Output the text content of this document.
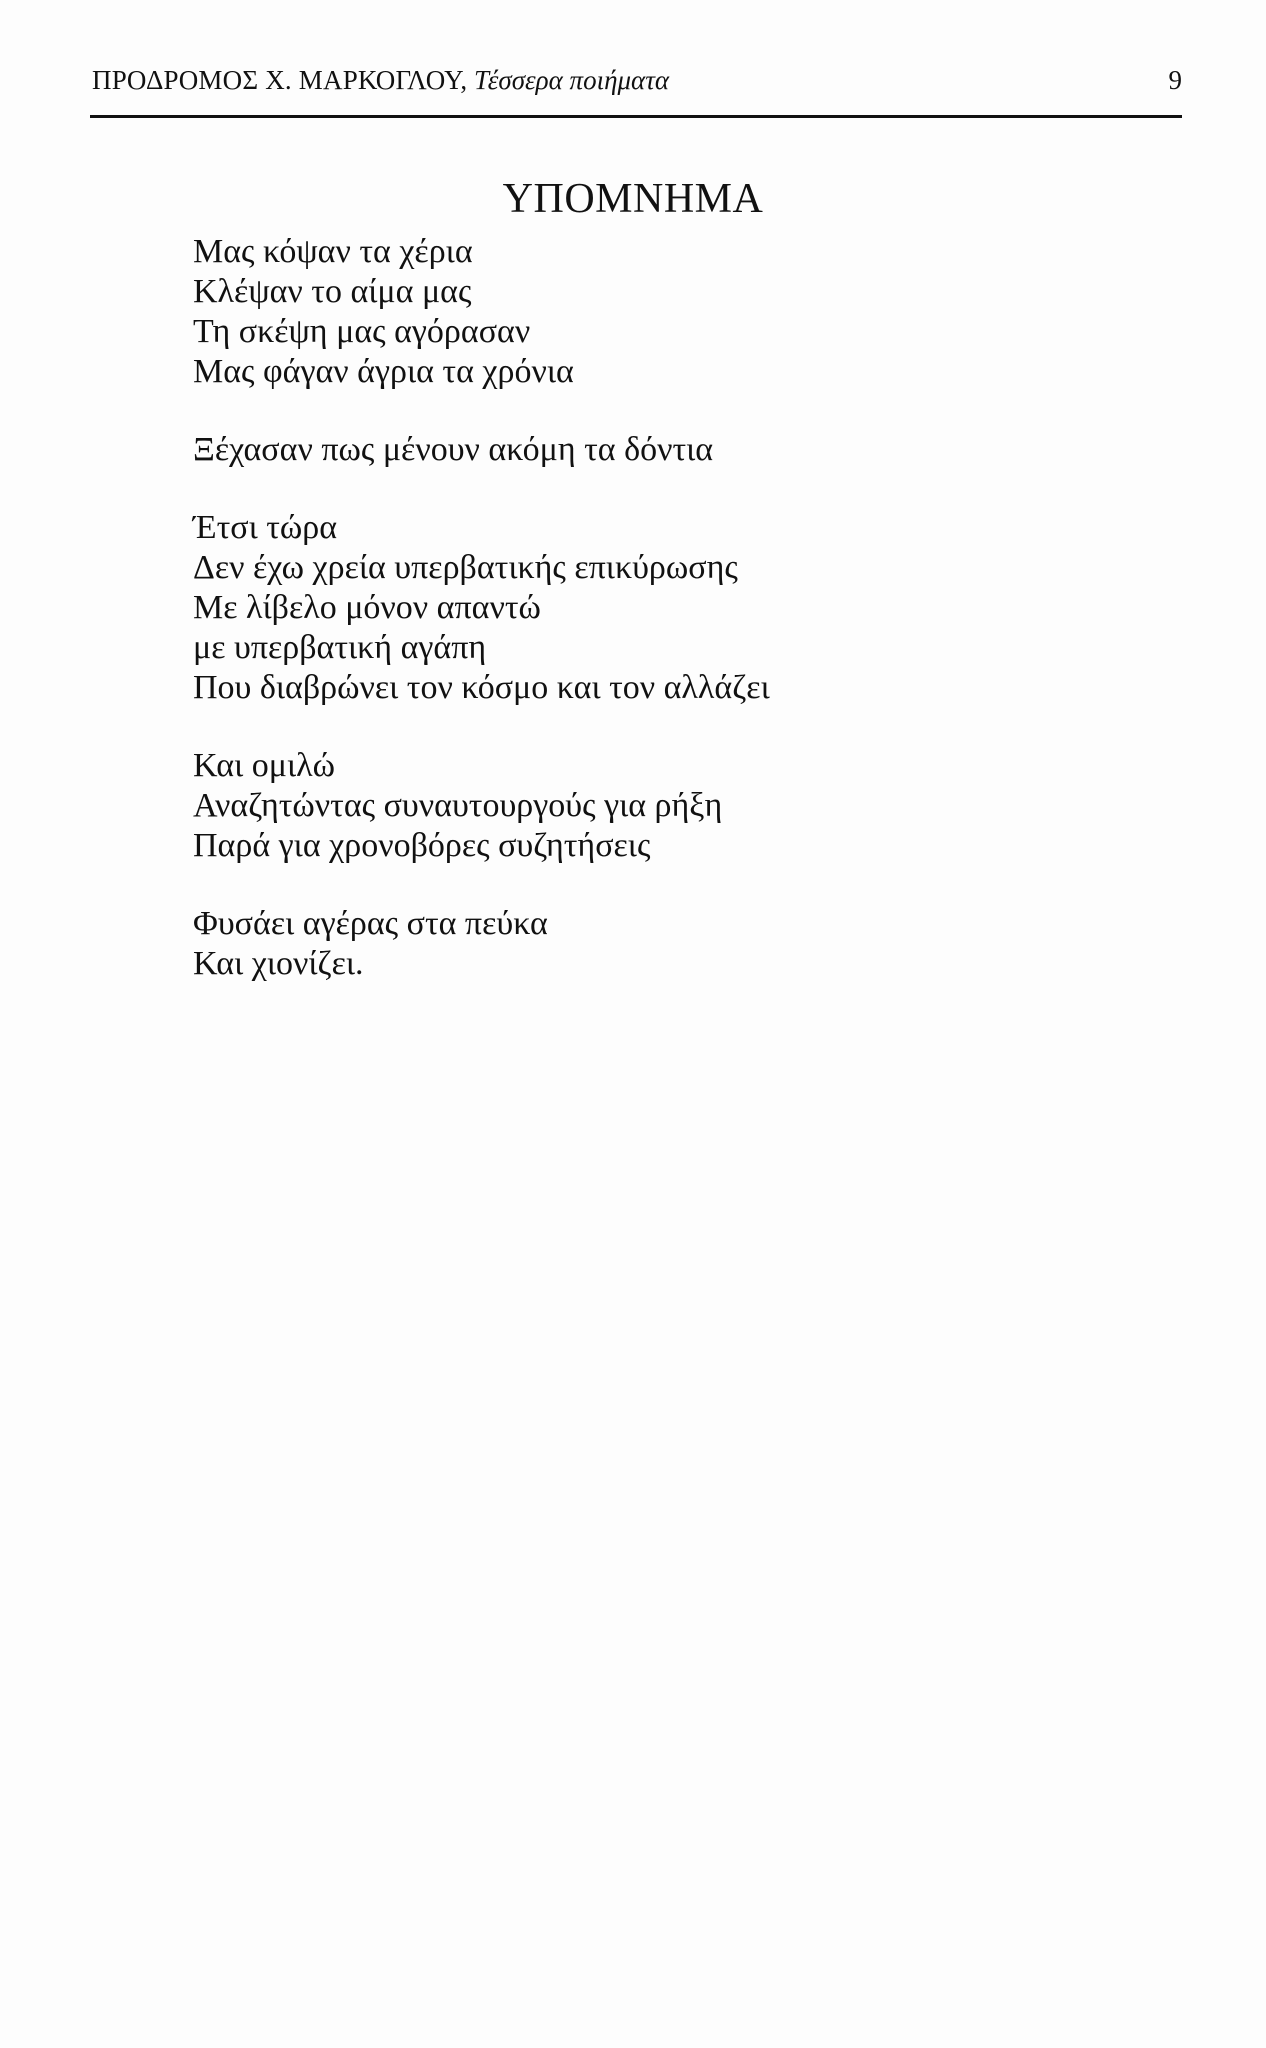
ΠΡΟΔΡΟΜΟΣ Χ. ΜΑΡΚΟΓΛΟΥ, Τέσσερα ποιήματα	9
ΥΠΟΜΝΗΜΑ
Μας κόψαν τα χέρια
Κλέψαν το αίμα μας
Τη σκέψη μας αγόρασαν
Μας φάγαν άγρια τα χρόνια
Ξέχασαν πως μένουν ακόμη τα δόντια
Έτσι τώρα
Δεν έχω χρεία υπερβατικής επικύρωσης
Με λίβελο μόνον απαντώ
με υπερβατική αγάπη
Που διαβρώνει τον κόσμο και τον αλλάζει
Και ομιλώ
Αναζητώντας συναυτουργούς για ρήξη
Παρά για χρονοβόρες συζητήσεις
Φυσάει αγέρας στα πεύκα
Και χιονίζει.
